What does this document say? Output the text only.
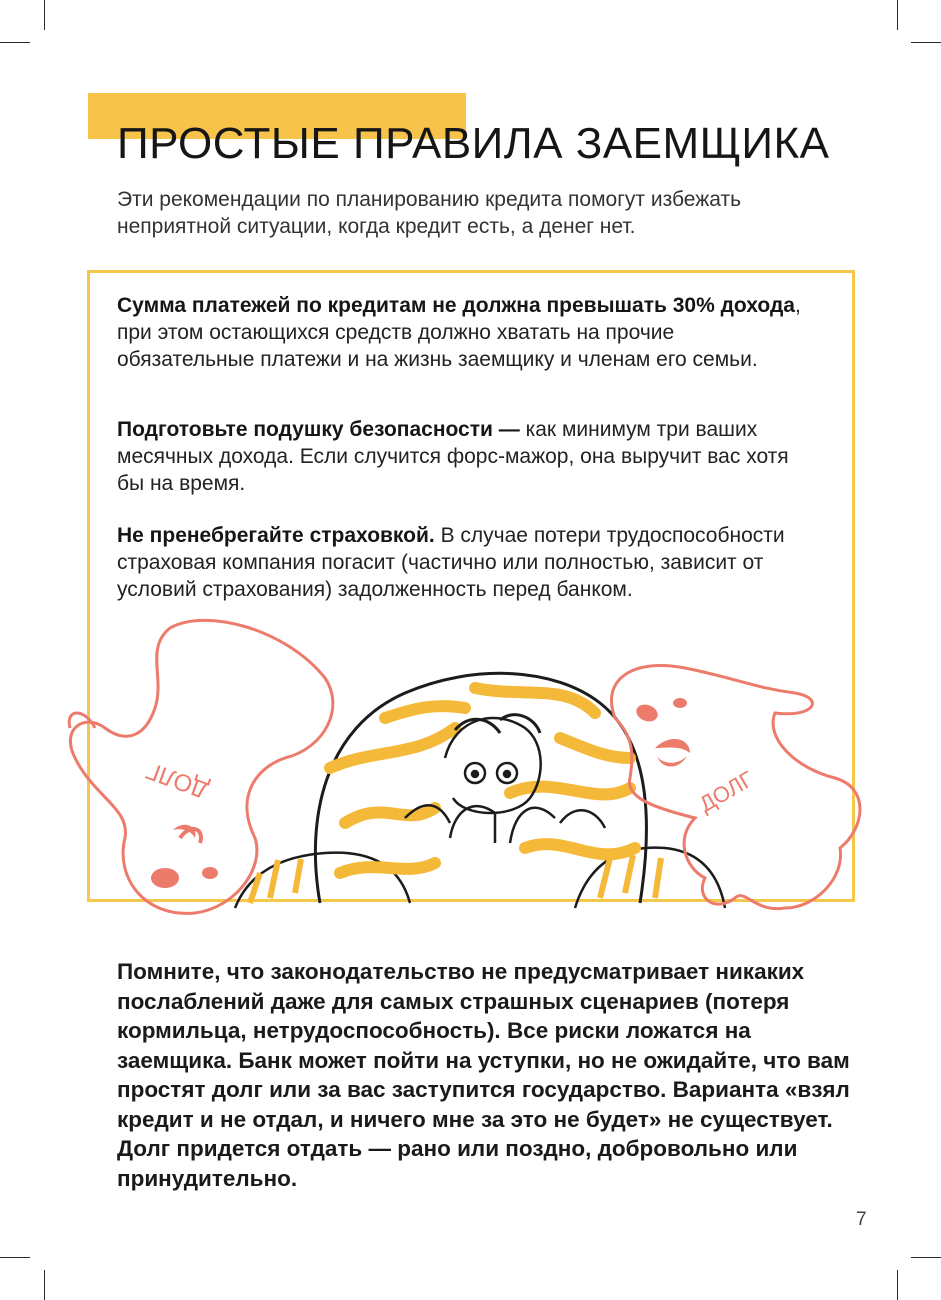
ПРОСТЫЕ ПРАВИЛА ЗАЕМЩИКА

Эти рекомендации по планированию кредита помогут избежать неприятной ситуации, когда кредит есть, а денег нет.

Сумма платежей по кредитам не должна превышать 30% дохода, при этом остающихся средств должно хватать на прочие обязательные платежи и на жизнь заемщику и членам его семьи.

Подготовьте подушку безопасности — как минимум три ваших месячных дохода. Если случится форс-мажор, она выручит вас хотя бы на время.

Не пренебрегайте страховкой. В случае потери трудоспособности страховая компания погасит (частично или полностью, зависит от условий страхования) задолженность перед банком.

ДОЛГ	ДОЛГ

Помните, что законодательство не предусматривает никаких послаблений даже для самых страшных сценариев (потеря кормильца, нетрудоспособность). Все риски ложатся на заемщика. Банк может пойти на уступки, но не ожидайте, что вам простят долг или за вас заступится государство. Варианта «взял кредит и не отдал, и ничего мне за это не будет» не существует. Долг придется отдать — рано или поздно, добровольно или принудительно.

7
